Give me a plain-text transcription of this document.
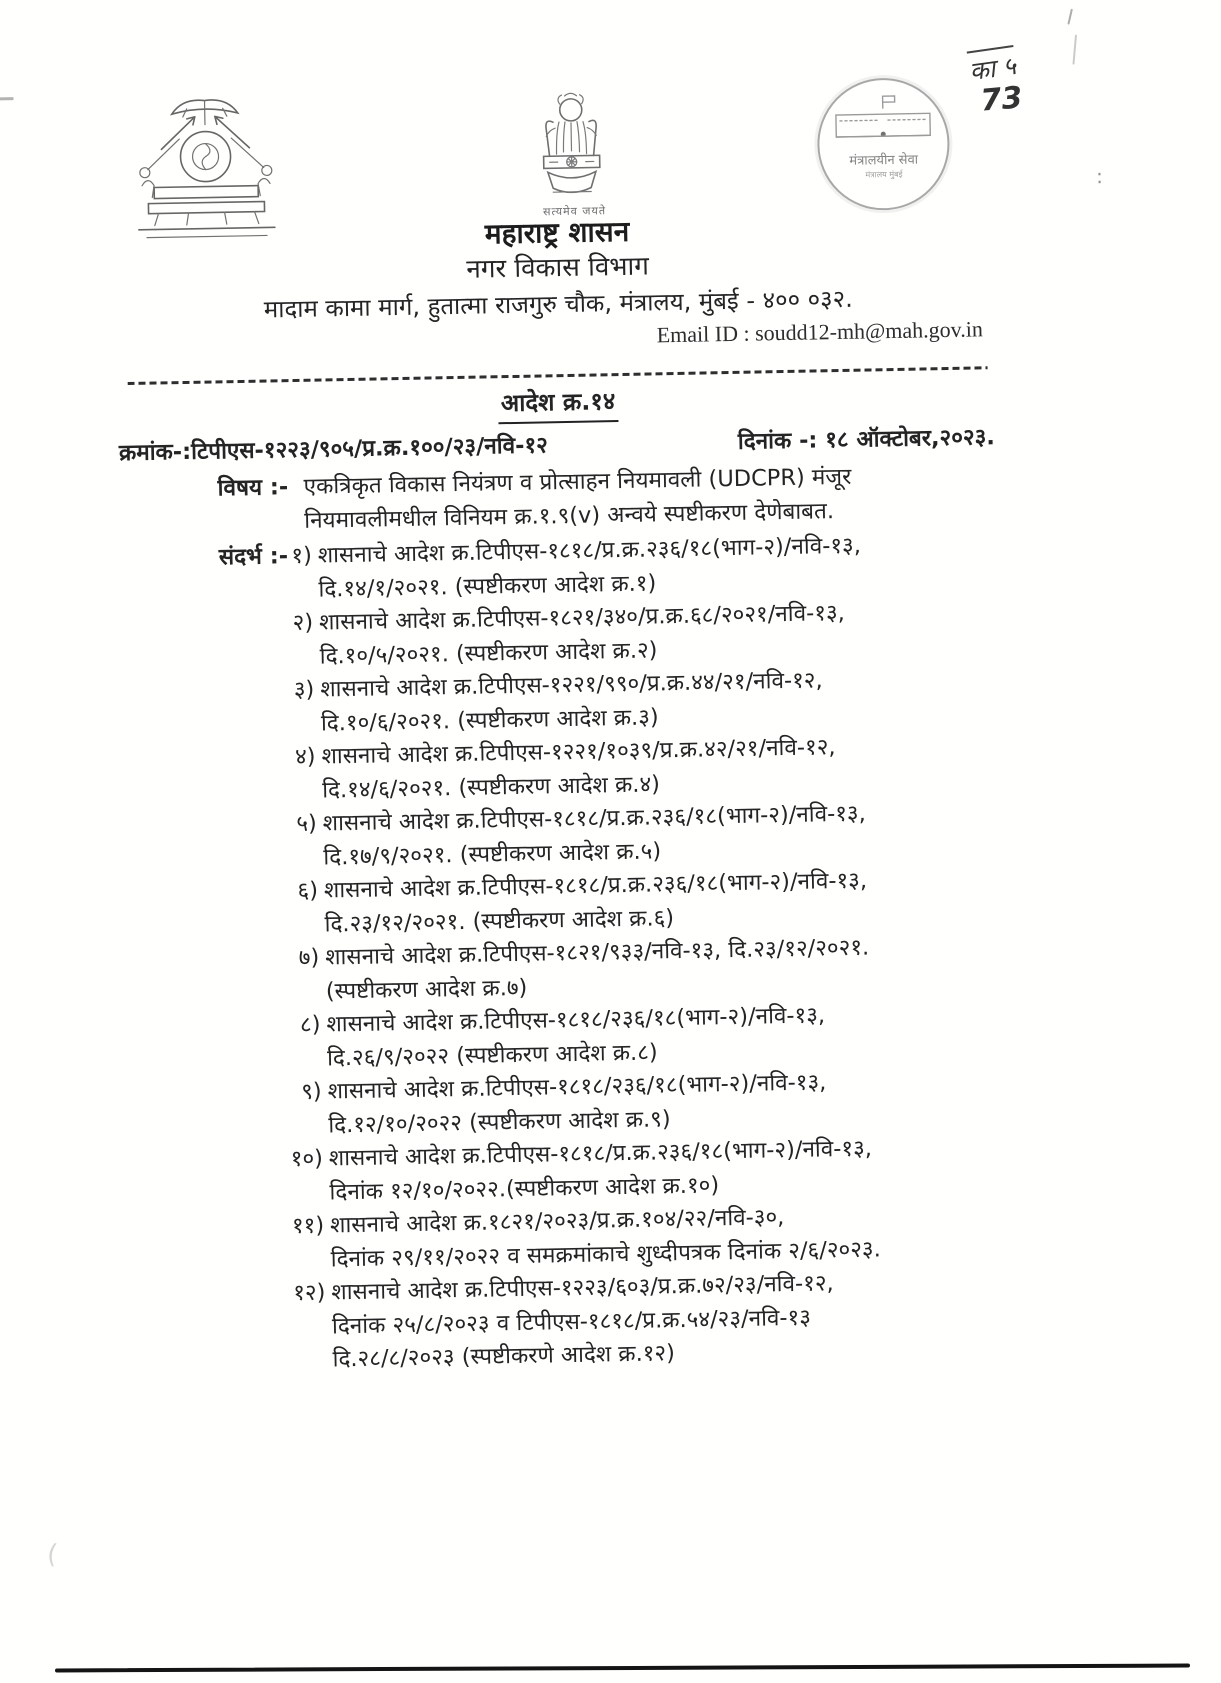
सत्यमेव जयते
मंत्रालयीन सेवा
मंत्रालय मुंबई
का ५
73
:
(
महाराष्ट्र शासन
नगर विकास विभाग
मादाम कामा मार्ग, हुतात्मा राजगुरु चौक, मंत्रालय, मुंबई - ४०० ०३२.
Email ID : soudd12-mh@mah.gov.in
आदेश क्र.१४
क्रमांक-:टिपीएस-१२२३/९०५/प्र.क्र.१००/२३/नवि-१२	दिनांक -: १८ ऑक्टोबर,२०२३.
विषय :- एकत्रिकृत विकास नियंत्रण व प्रोत्साहन नियमावली (UDCPR) मंजूर
नियमावलीमधील विनियम क्र.१.९(v) अन्वये स्पष्टीकरण देणेबाबत.
संदर्भ :- १) शासनाचे आदेश क्र.टिपीएस-१८१८/प्र.क्र.२३६/१८(भाग-२)/नवि-१३,
दि.१४/१/२०२१. (स्पष्टीकरण आदेश क्र.१)
२) शासनाचे आदेश क्र.टिपीएस-१८२१/३४०/प्र.क्र.६८/२०२१/नवि-१३,
दि.१०/५/२०२१. (स्पष्टीकरण आदेश क्र.२)
३) शासनाचे आदेश क्र.टिपीएस-१२२१/९९०/प्र.क्र.४४/२१/नवि-१२,
दि.१०/६/२०२१. (स्पष्टीकरण आदेश क्र.३)
४) शासनाचे आदेश क्र.टिपीएस-१२२१/१०३९/प्र.क्र.४२/२१/नवि-१२,
दि.१४/६/२०२१. (स्पष्टीकरण आदेश क्र.४)
५) शासनाचे आदेश क्र.टिपीएस-१८१८/प्र.क्र.२३६/१८(भाग-२)/नवि-१३,
दि.१७/९/२०२१. (स्पष्टीकरण आदेश क्र.५)
६) शासनाचे आदेश क्र.टिपीएस-१८१८/प्र.क्र.२३६/१८(भाग-२)/नवि-१३,
दि.२३/१२/२०२१. (स्पष्टीकरण आदेश क्र.६)
७) शासनाचे आदेश क्र.टिपीएस-१८२१/९३३/नवि-१३, दि.२३/१२/२०२१.
(स्पष्टीकरण आदेश क्र.७)
८) शासनाचे आदेश क्र.टिपीएस-१८१८/२३६/१८(भाग-२)/नवि-१३,
दि.२६/९/२०२२ (स्पष्टीकरण आदेश क्र.८)
९) शासनाचे आदेश क्र.टिपीएस-१८१८/२३६/१८(भाग-२)/नवि-१३,
दि.१२/१०/२०२२ (स्पष्टीकरण आदेश क्र.९)
१०) शासनाचे आदेश क्र.टिपीएस-१८१८/प्र.क्र.२३६/१८(भाग-२)/नवि-१३,
दिनांक १२/१०/२०२२.(स्पष्टीकरण आदेश क्र.१०)
११) शासनाचे आदेश क्र.१८२१/२०२३/प्र.क्र.१०४/२२/नवि-३०,
दिनांक २९/११/२०२२ व समक्रमांकाचे शुध्दीपत्रक दिनांक २/६/२०२३.
१२) शासनाचे आदेश क्र.टिपीएस-१२२३/६०३/प्र.क्र.७२/२३/नवि-१२,
दिनांक २५/८/२०२३ व टिपीएस-१८१८/प्र.क्र.५४/२३/नवि-१३
दि.२८/८/२०२३ (स्पष्टीकरणे आदेश क्र.१२)
